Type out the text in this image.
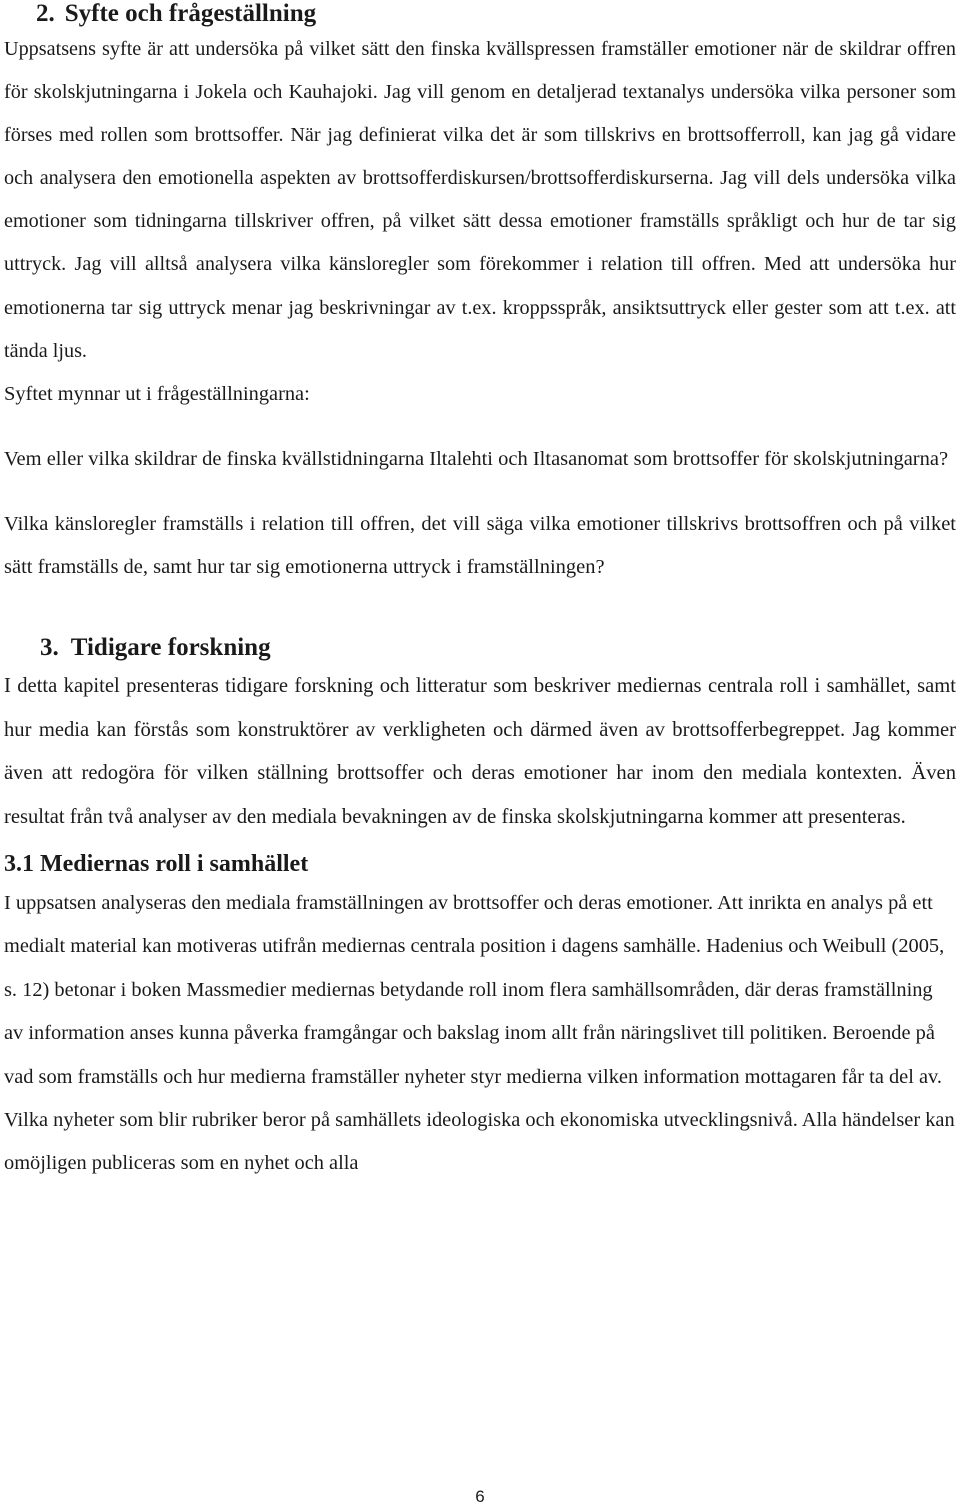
2. Syfte och frågeställning

Uppsatsens syfte är att undersöka på vilket sätt den finska kvällspressen framställer emotioner när de skildrar offren för skolskjutningarna i Jokela och Kauhajoki. Jag vill genom en detaljerad textanalys undersöka vilka personer som förses med rollen som brottsoffer. När jag definierat vilka det är som tillskrivs en brottsofferroll, kan jag gå vidare och analysera den emotionella aspekten av brottsofferdiskursen/brottsofferdiskurserna. Jag vill dels undersöka vilka emotioner som tidningarna tillskriver offren, på vilket sätt dessa emotioner framställs språkligt och hur de tar sig uttryck. Jag vill alltså analysera vilka känsloregler som förekommer i relation till offren. Med att undersöka hur emotionerna tar sig uttryck menar jag beskrivningar av t.ex. kroppsspråk, ansiktsuttryck eller gester som att t.ex. att tända ljus.

Syftet mynnar ut i frågeställningarna:

Vem eller vilka skildrar de finska kvällstidningarna Iltalehti och Iltasanomat som brottsoffer för skolskjutningarna?

Vilka känsloregler framställs i relation till offren, det vill säga vilka emotioner tillskrivs brottsoffren och på vilket sätt framställs de, samt hur tar sig emotionerna uttryck i framställningen?

3. Tidigare forskning

I detta kapitel presenteras tidigare forskning och litteratur som beskriver mediernas centrala roll i samhället, samt hur media kan förstås som konstruktörer av verkligheten och därmed även av brottsofferbegreppet. Jag kommer även att redogöra för vilken ställning brottsoffer och deras emotioner har inom den mediala kontexten. Även resultat från två analyser av den mediala bevakningen av de finska skolskjutningarna kommer att presenteras.

3.1 Mediernas roll i samhället

I uppsatsen analyseras den mediala framställningen av brottsoffer och deras emotioner. Att inrikta en analys på ett medialt material kan motiveras utifrån mediernas centrala position i dagens samhälle. Hadenius och Weibull (2005, s. 12) betonar i boken Massmedier mediernas betydande roll inom flera samhällsområden, där deras framställning av information anses kunna påverka framgångar och bakslag inom allt från näringslivet till politiken. Beroende på vad som framställs och hur medierna framställer nyheter styr medierna vilken information mottagaren får ta del av. Vilka nyheter som blir rubriker beror på samhällets ideologiska och ekonomiska utvecklingsnivå. Alla händelser kan omöjligen publiceras som en nyhet och alla

6
